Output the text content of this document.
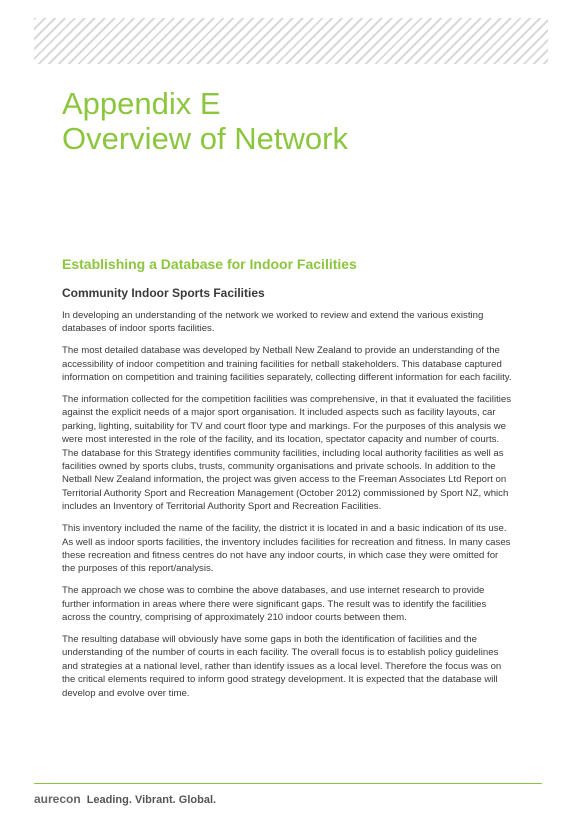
Appendix E
Overview of Network
Establishing a Database for Indoor Facilities
Community Indoor Sports Facilities

In developing an understanding of the network we worked to review and extend the various existing databases of indoor sports facilities.

The most detailed database was developed by Netball New Zealand to provide an understanding of the accessibility of indoor competition and training facilities for netball stakeholders. This database captured information on competition and training facilities separately, collecting different information for each facility.

The information collected for the competition facilities was comprehensive, in that it evaluated the facilities against the explicit needs of a major sport organisation. It included aspects such as facility layouts, car parking, lighting, suitability for TV and court floor type and markings. For the purposes of this analysis we were most interested in the role of the facility, and its location, spectator capacity and number of courts. The database for this Strategy identifies community facilities, including local authority facilities as well as facilities owned by sports clubs, trusts, community organisations and private schools. In addition to the Netball New Zealand information, the project was given access to the Freeman Associates Ltd Report on Territorial Authority Sport and Recreation Management (October 2012) commissioned by Sport NZ, which includes an Inventory of Territorial Authority Sport and Recreation Facilities.

This inventory included the name of the facility, the district it is located in and a basic indication of its use. As well as indoor sports facilities, the inventory includes facilities for recreation and fitness. In many cases these recreation and fitness centres do not have any indoor courts, in which case they were omitted for the purposes of this report/analysis.

The approach we chose was to combine the above databases, and use internet research to provide further information in areas where there were significant gaps. The result was to identify the facilities across the country, comprising of approximately 210 indoor courts between them.

The resulting database will obviously have some gaps in both the identification of facilities and the understanding of the number of courts in each facility. The overall focus is to establish policy guidelines and strategies at a national level, rather than identify issues as a local level. Therefore the focus was on the critical elements required to inform good strategy development. It is expected that the database will develop and evolve over time.

aurecon Leading. Vibrant. Global.
